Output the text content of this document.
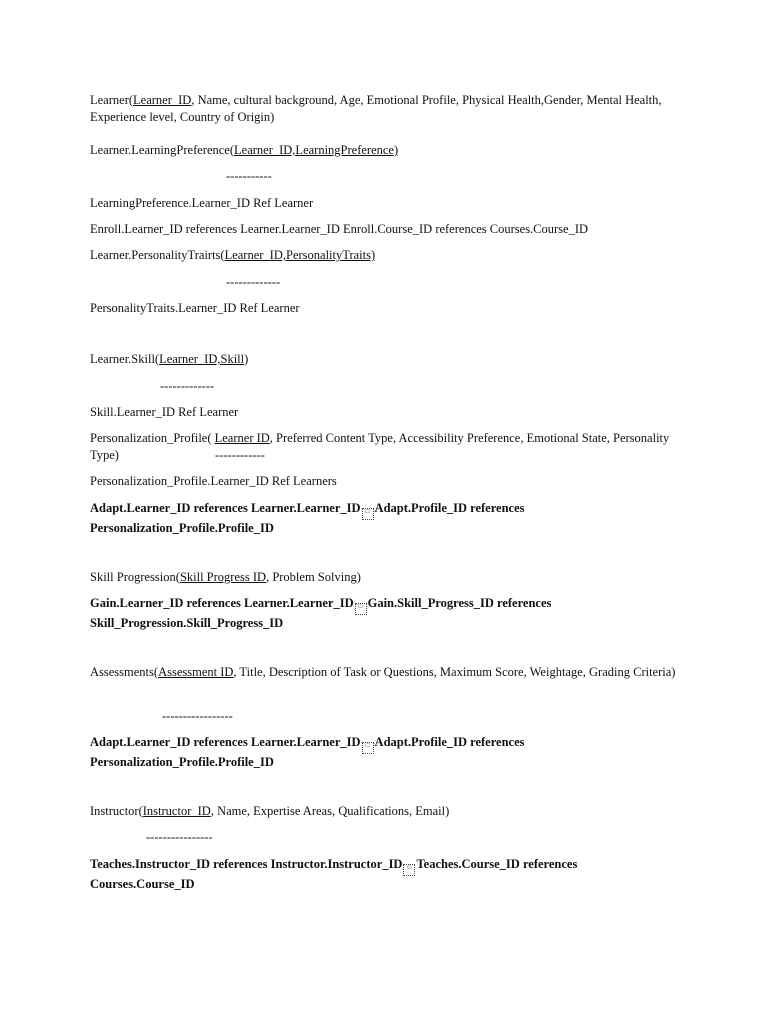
Learner(Learner_ID, Name, cultural background, Age, Emotional Profile, Physical Health,Gender, Mental Health, Experience level, Country of Origin)

Learner.LearningPreference(Learner_ID,LearningPreference)

-----------

LearningPreference.Learner_ID Ref Learner

Enroll.Learner_ID references Learner.Learner_ID Enroll.Course_ID references Courses.Course_ID

Learner.PersonalityTrairts(Learner_ID,PersonalityTraits)

-------------

PersonalityTraits.Learner_ID Ref Learner

Learner.Skill(Learner_ID,Skill)

-------------

Skill.Learner_ID Ref Learner

Personalization_Profile( Learner ID, Preferred Content Type, Accessibility Preference, Emotional State, Personality Type)	------------

Personalization_Profile.Learner_ID Ref Learners

Adapt.Learner_ID references Learner.Learner_ID □ Adapt.Profile_ID references Personalization_Profile.Profile_ID

Skill Progression(Skill Progress ID, Problem Solving)

Gain.Learner_ID references Learner.Learner_ID □ Gain.Skill_Progress_ID references Skill_Progression.Skill_Progress_ID

Assessments(Assessment ID, Title, Description of Task or Questions, Maximum Score, Weightage, Grading Criteria)

-----------------

Adapt.Learner_ID references Learner.Learner_ID □ Adapt.Profile_ID references Personalization_Profile.Profile_ID

Instructor(Instructor_ID, Name, Expertise Areas, Qualifications, Email)

----------------

Teaches.Instructor_ID references Instructor.Instructor_ID □ Teaches.Course_ID references Courses.Course_ID
